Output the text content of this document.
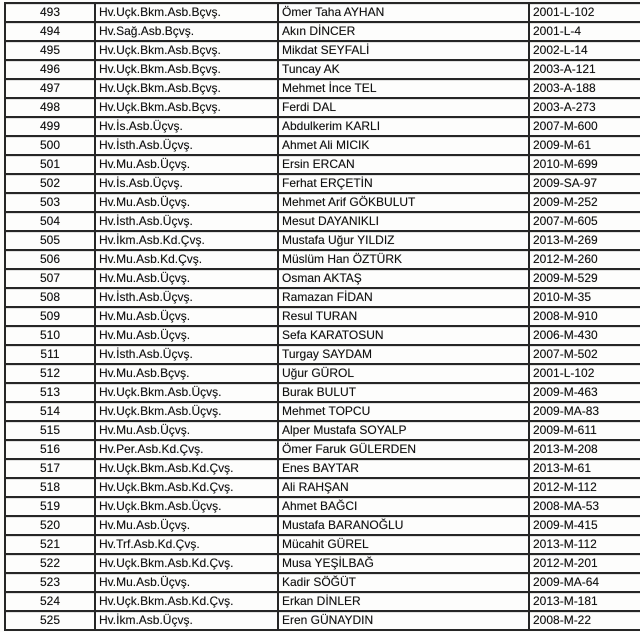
493	Hv.Uçk.Bkm.Asb.Bçvş.	Ömer Taha AYHAN	2001-L-102
494	Hv.Sağ.Asb.Bçvş.	Akın DİNCER	2001-L-4
495	Hv.Uçk.Bkm.Asb.Bçvş.	Mikdat SEYFALİ	2002-L-14
496	Hv.Uçk.Bkm.Asb.Bçvş.	Tuncay AK	2003-A-121
497	Hv.Uçk.Bkm.Asb.Bçvş.	Mehmet İnce TEL	2003-A-188
498	Hv.Uçk.Bkm.Asb.Bçvş.	Ferdi DAL	2003-A-273
499	Hv.İs.Asb.Üçvş.	Abdulkerim KARLI	2007-M-600
500	Hv.İsth.Asb.Üçvş.	Ahmet Ali MICIK	2009-M-61
501	Hv.Mu.Asb.Üçvş.	Ersin ERCAN	2010-M-699
502	Hv.İs.Asb.Üçvş.	Ferhat ERÇETİN	2009-SA-97
503	Hv.Mu.Asb.Üçvş.	Mehmet Arif GÖKBULUT	2009-M-252
504	Hv.İsth.Asb.Üçvş.	Mesut DAYANIKLI	2007-M-605
505	Hv.İkm.Asb.Kd.Çvş.	Mustafa Uğur YILDIZ	2013-M-269
506	Hv.Mu.Asb.Kd.Çvş.	Müslüm Han ÖZTÜRK	2012-M-260
507	Hv.Mu.Asb.Üçvş.	Osman AKTAŞ	2009-M-529
508	Hv.İsth.Asb.Üçvş.	Ramazan FİDAN	2010-M-35
509	Hv.Mu.Asb.Üçvş.	Resul TURAN	2008-M-910
510	Hv.Mu.Asb.Üçvş.	Sefa KARATOSUN	2006-M-430
511	Hv.İsth.Asb.Üçvş.	Turgay SAYDAM	2007-M-502
512	Hv.Mu.Asb.Bçvş.	Uğur GÜROL	2001-L-102
513	Hv.Uçk.Bkm.Asb.Üçvş.	Burak BULUT	2009-M-463
514	Hv.Uçk.Bkm.Asb.Üçvş.	Mehmet TOPCU	2009-MA-83
515	Hv.Mu.Asb.Üçvş.	Alper Mustafa SOYALP	2009-M-611
516	Hv.Per.Asb.Kd.Çvş.	Ömer Faruk GÜLERDEN	2013-M-208
517	Hv.Uçk.Bkm.Asb.Kd.Çvş.	Enes BAYTAR	2013-M-61
518	Hv.Uçk.Bkm.Asb.Kd.Çvş.	Ali RAHŞAN	2012-M-112
519	Hv.Uçk.Bkm.Asb.Üçvş.	Ahmet BAĞCI	2008-MA-53
520	Hv.Mu.Asb.Üçvş.	Mustafa BARANOĞLU	2009-M-415
521	Hv.Trf.Asb.Kd.Çvş.	Mücahit GÜREL	2013-M-112
522	Hv.Uçk.Bkm.Asb.Kd.Çvş.	Musa YEŞİLBAĞ	2012-M-201
523	Hv.Mu.Asb.Üçvş.	Kadir SÖĞÜT	2009-MA-64
524	Hv.Uçk.Bkm.Asb.Kd.Çvş.	Erkan DİNLER	2013-M-181
525	Hv.İkm.Asb.Üçvş.	Eren GÜNAYDIN	2008-M-22
